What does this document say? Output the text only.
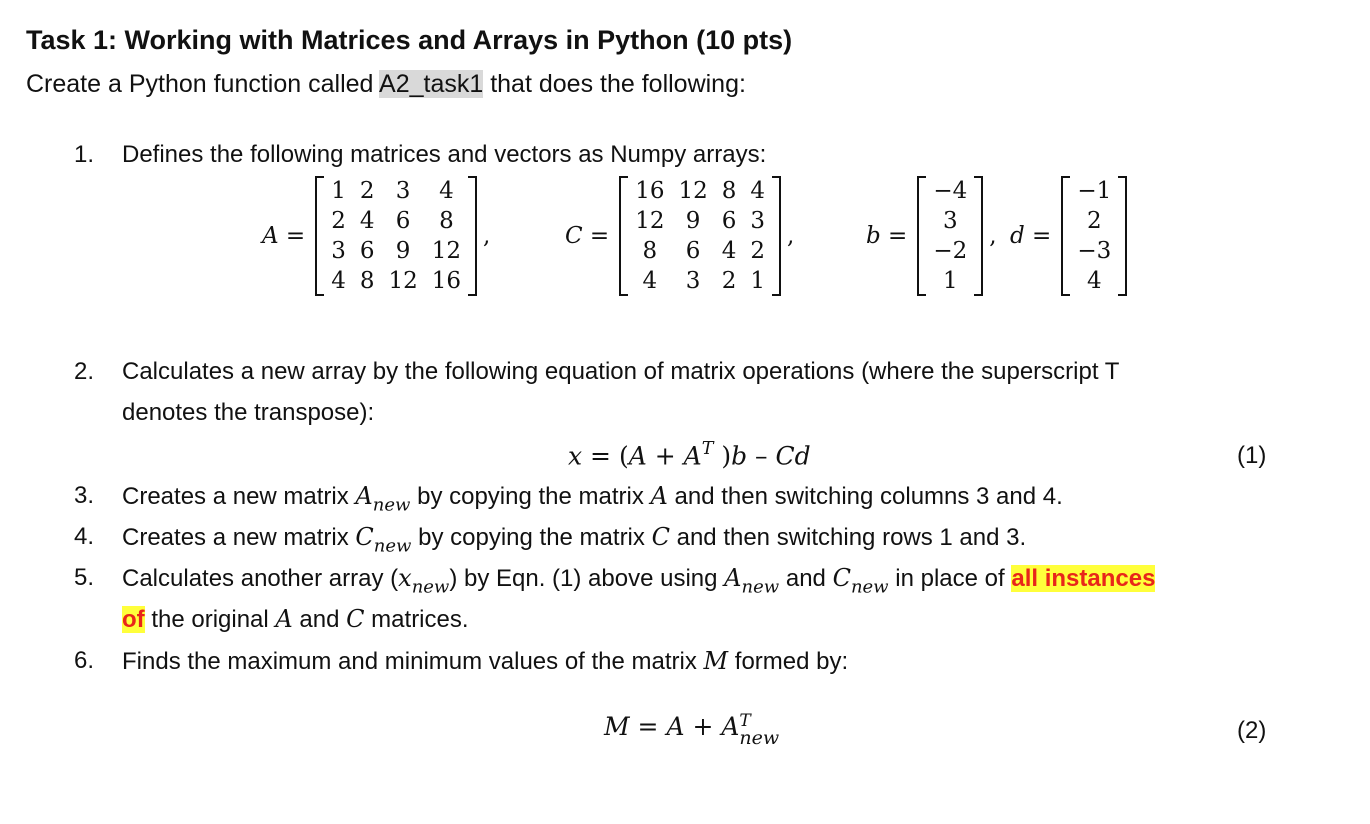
Task 1: Working with Matrices and Arrays in Python (10 pts)
Create a Python function called A2_task1 that does the following:
1. Defines the following matrices and vectors as Numpy arrays:
A =
1	2	3	4
2	4	6	8
3	6	9	12
4	8	12	16
,	C =
16	12	8	4
12	9	6	3
8	6	4	2
4	3	2	1
,	b =
−4
3
−2
1
, d =
−1
2
−3
4
2. Calculates a new array by the following equation of matrix operations (where the superscript T
denotes the transpose):
$x = (A + A^T$ )b – Cd	(1)
3. Creates a new matrix $A_{new}$ by copying the matrix A and then switching columns 3 and 4.
4. Creates a new matrix $C_{new}$ by copying the matrix C and then switching rows 1 and 3.
5. Calculates another array $(x_{new})$ by Eqn. (1) above using $A_{new}$ and $C_{new}$ in place of all instances
of the original A and C matrices.
6. Finds the maximum and minimum values of the matrix M formed by:
M = A + A T
new	(2)
